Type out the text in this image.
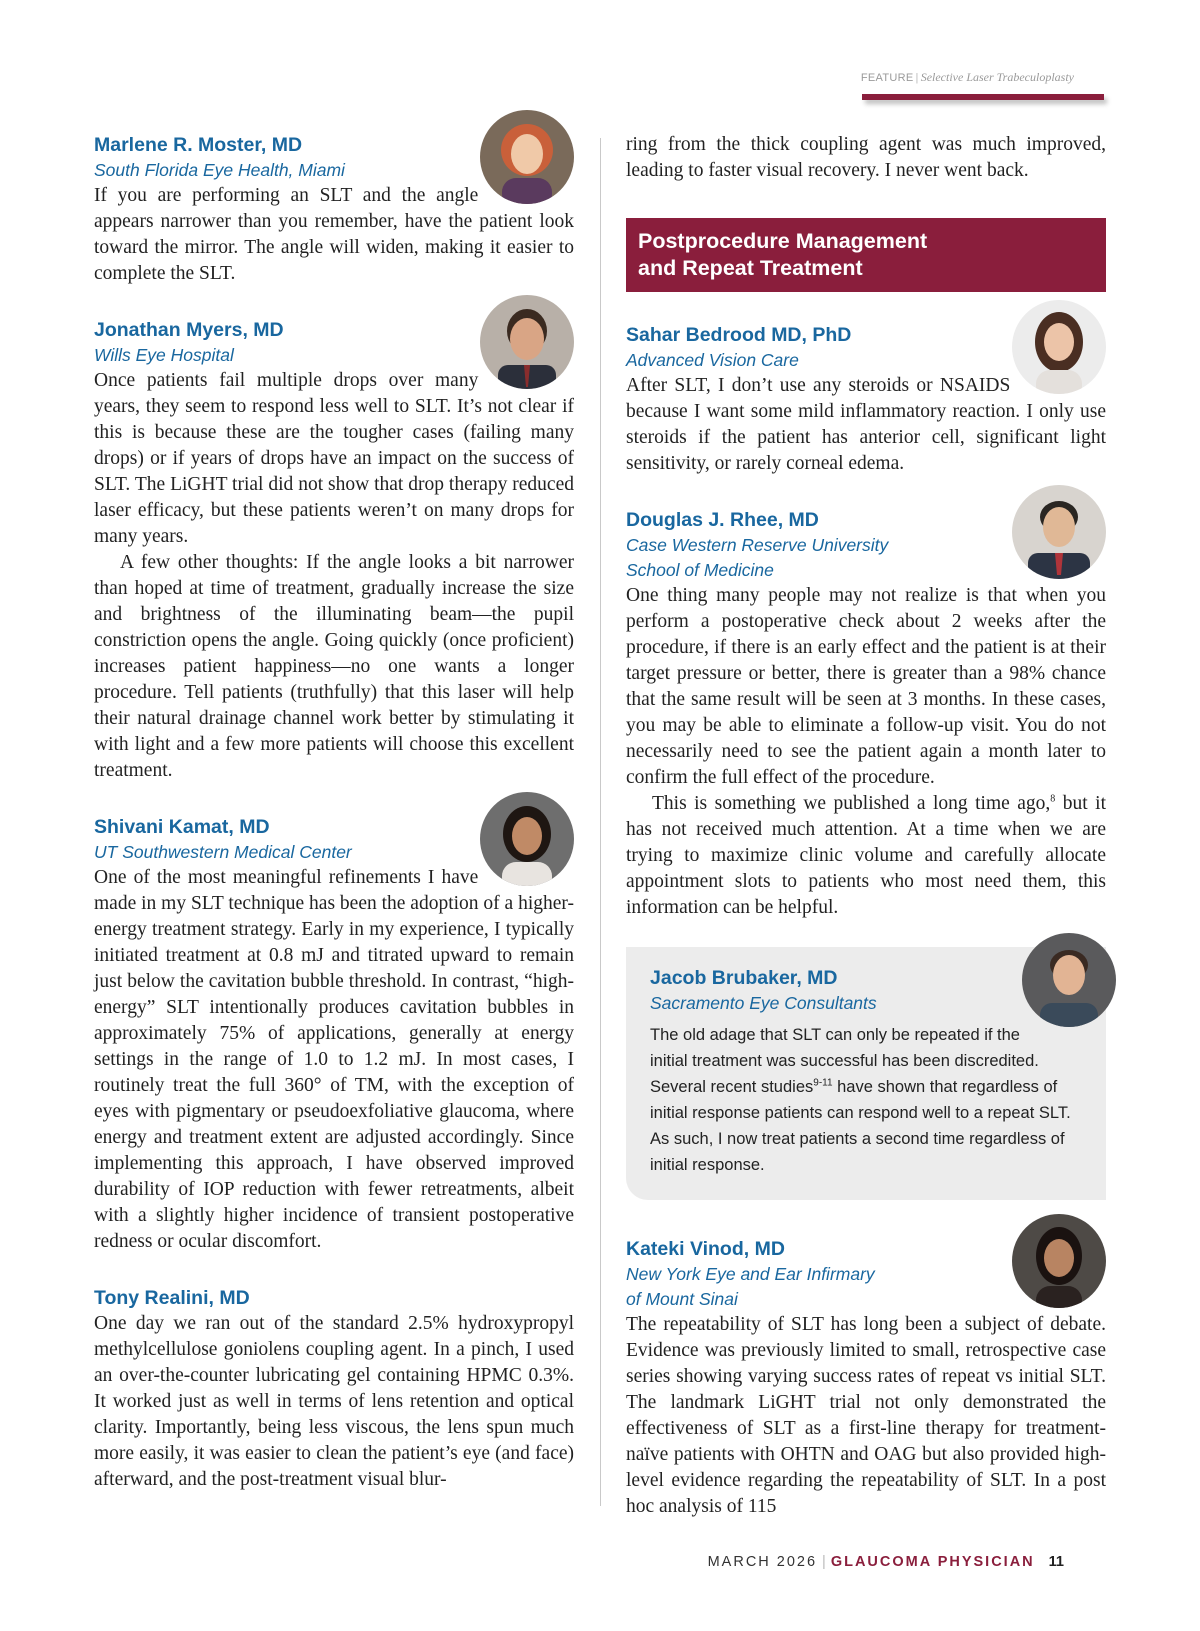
FEATURE | Selective Laser Trabeculoplasty
Marlene R. Moster, MD
South Florida Eye Health, Miami

If you are performing an SLT and the angle appears narrower than you remember, have the patient look toward the mirror. The angle will widen, making it easier to complete the SLT.

Jonathan Myers, MD
Wills Eye Hospital

Once patients fail multiple drops over many years, they seem to respond less well to SLT. It’s not clear if this is because these are the tougher cases (failing many drops) or if years of drops have an impact on the success of SLT. The LiGHT trial did not show that drop therapy reduced laser efficacy, but these patients weren’t on many drops for many years.

A few other thoughts: If the angle looks a bit narrower than hoped at time of treatment, gradually increase the size and brightness of the illuminating beam—the pupil constriction opens the angle. Going quickly (once proficient) increases patient happiness—no one wants a longer procedure. Tell patients (truthfully) that this laser will help their natural drainage channel work better by stimulating it with light and a few more patients will choose this excellent treatment.

Shivani Kamat, MD
UT Southwestern Medical Center

One of the most meaningful refinements I have made in my SLT technique has been the adoption of a higher-energy treatment strategy. Early in my experience, I typically initiated treatment at 0.8 mJ and titrated upward to remain just below the cavitation bubble threshold. In contrast, “high-energy” SLT intentionally produces cavitation bubbles in approximately 75% of applications, generally at energy settings in the range of 1.0 to 1.2 mJ. In most cases, I routinely treat the full 360° of TM, with the exception of eyes with pigmentary or pseudoexfoliative glaucoma, where energy and treatment extent are adjusted accordingly. Since implementing this approach, I have observed improved durability of IOP reduction with fewer retreatments, albeit with a slightly higher incidence of transient postoperative redness or ocular discomfort.

Tony Realini, MD

One day we ran out of the standard 2.5% hydroxypropyl methylcellulose goniolens coupling agent. In a pinch, I used an over-the-counter lubricating gel containing HPMC 0.3%. It worked just as well in terms of lens retention and optical clarity. Importantly, being less viscous, the lens spun much more easily, it was easier to clean the patient’s eye (and face) afterward, and the post-treatment visual blur-

ring from the thick coupling agent was much improved, leading to faster visual recovery. I never went back.

Postprocedure Management
and Repeat Treatment
Sahar Bedrood MD, PhD
Advanced Vision Care

After SLT, I don’t use any steroids or NSAIDS because I want some mild inflammatory reaction. I only use steroids if the patient has anterior cell, significant light sensitivity, or rarely corneal edema.

Douglas J. Rhee, MD
Case Western Reserve University
School of Medicine

One thing many people may not realize is that when you perform a postoperative check about 2 weeks after the procedure, if there is an early effect and the patient is at their target pressure or better, there is greater than a 98% chance that the same result will be seen at 3 months. In these cases, you may be able to eliminate a follow-up visit. You do not necessarily need to see the patient again a month later to confirm the full effect of the procedure.

This is something we published a long time ago,$^8$ but it has not received much attention. At a time when we are trying to maximize clinic volume and carefully allocate appointment slots to patients who most need them, this information can be helpful.

Jacob Brubaker, MD
Sacramento Eye Consultants

The old adage that SLT can only be repeated if the initial treatment was successful has been discredited. Several recent studies$^{9-11}$ have shown that regardless of initial response patients can respond well to a repeat SLT. As such, I now treat patients a second time regardless of initial response.

Kateki Vinod, MD
New York Eye and Ear Infirmary
of Mount Sinai

The repeatability of SLT has long been a subject of debate. Evidence was previously limited to small, retrospective case series showing varying success rates of repeat vs initial SLT. The landmark LiGHT trial not only demonstrated the effectiveness of SLT as a first-line therapy for treatment-naïve patients with OHTN and OAG but also provided high-level evidence regarding the repeatability of SLT. In a post hoc analysis of 115

MARCH 2026 | GLAUCOMA PHYSICIAN 11
